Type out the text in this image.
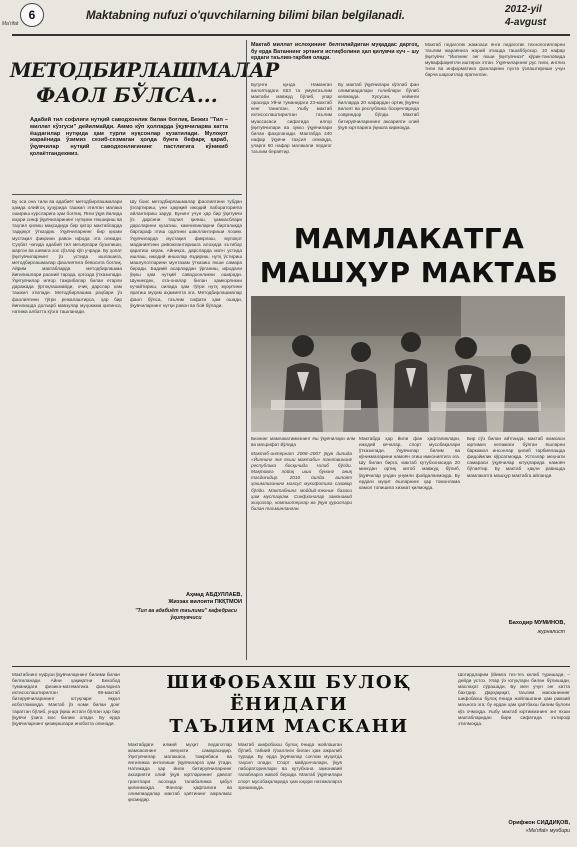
Ma'rifat
6	Maktabning nufuzi o'quvchilarning bilimi bilan belgilanadi.
2012-yil
4-avgust
МЕТОДБИРЛАШМАЛАР
ФАОЛ БЎЛСА...
Адабий тил софлиги нутқий саводхонлик билан боғлиқ. Бежиз "Тил – миллат кўзгуси" дейилмайди. Аммо кўп ҳолларда ўқувчиларва катта ёшдагилар нутқида ҳам турли нуқсонлар кузатилади. Мулоқот жараёнида ўзимиз сезиб-сезмаган ҳолда бунга бефарқ қараб, ўқувчилар нутқий саводхонлигининг пастлигига кўникиб қолаётгандекмиз.
Бу эса она тили ва адабиёт методбирлашмалари ҳамда олийгоҳ ҳузурида ташкил этилган малака ошириш курсларига ҳам боғлиқ. Янги ўқув йилида юқори синф ўқувчиларининг нутқини текшириш ва таҳлил қилиш мақсадида бир қатор мактабларда тадқиқот ўтказдик. Ўқувчиларнинг бир қисми мустақил фикрини равон ифода эта олмади. Суҳбат чоғида адабий тил меъёрлари бузилиши, жаргон ва шевага хос сўзлар кўп учради. Бу ҳолат ўқитувчиларнинг ўз устида ишлашига, методбирлашмалар фаолиятига бевосита боғлиқ. Айрим мактабларда методбирлашма йиғилишлари расмий тарзда, қоғозда ўтказилади. Ўқитувчилар илғор тажрибалар билан етарли даражада ўртоқлашмайди, очиқ дарслар кам ташкил этилади. Методбирлашма раҳбари ўз фаолиятини тўғри режалаштирса, ҳар бир йиғилишда долзарб мавзулар муҳокама қилинса, натижа албатта кўзга ташланади.
Шу боис методбирлашмалар фаолиятини тубдан ўзгартириш, уни ҳақиқий ижодий лабораторияга айлантириш зарур. Бунинг учун ҳар бир ўқитувчи ўз дарсини таҳлил қилиш, ҳамкасблари дарсларини кузатиш, камчиликларни биргаликда бартараф этиш одатини шакллантириши лозим. Ўқувчиларда мустақил фикрлаш, мулоқот маданиятини ривожлантиришга алоҳида эътибор қаратиш керак. Айниқса, дарсларда матн устида ишлаш, ижодий иншолар ёздириш, нутқ ўстириш машғулотларини мунтазам ўтказиш яхши самара беради. Бадиий асарлардан ўрганиш, ифодали ўқиш ҳам нутқий саводхонликни оширади. Шунингдек, ота-оналар билан ҳамкорликни кучайтириш, оилада ҳам тўғри нутқ муҳитини яратиш муҳим аҳамиятга эга. Методбирлашмалар фаол бўлса, таълим сифати ҳам ошади, ўқувчиларнинг нутқи равон ва бой бўлади.
Аҳмад АБДУЛЛАЕВ,
Жиззах вилояти ПКҚТМОИ
"Тил ва адабиёт таълими" кафедраси ўқитувчиси
Мактаб миллат ислоҳининг белгилайдиган муқаддас даргоҳ, бу ерда Ватаннинг эртанги истиқболини ҳал қилувчи куч – шу ердаги таълим-тарбия олади.
Бугунги кунда Наманган вилоятидаги 653 та умумтаълим мактаби мавжуд бўлиб, улар орасида Уйчи туманидаги 23-мактаб кенг танилган. Ушбу мактаб ихтисослаштирилган таълим муассасаси сифатида илғор ўқитувчилари ва зукко ўқувчилари билан фахрланади. Мактабда 440 нафар ўқувчи таҳсил олмоқда, уларга 60 нафар малакали педагог таълим бераётир.
Бу мактаб ўқувчилари кўплаб фан олимпиадалари ғолиблари бўлиб келмоқда. Хусусан, кейинги йилларда 20 нафардан ортиқ ўқувчи вилоят ва республика босқичларида совриндор бўлди. Мактаб битирувчиларининг аксарияти олий ўқув юртларига ўқишга кирмоқда.
Мактаб педагогик жамоаси янги педагогик технологияларни таълим жараёнига жорий этишда ташаббускор. 10 нафар ўқитувчи "Йилнинг энг яхши ўқитувчиси" кўрик-танловида муваффақиятли иштирок этган. Ўқувчиларнинг рус тили, инглиз тили ва информатика фанларини пухта ўзлаштириши учун барча шароитлар яратилган.
МАМЛАКАТГА
МАШҲУР МАКТАБ
Бизнинг мамлакатимизнинг ёш ўқувчилари илм ва маърифат йўлида
Мактаб-интернат 2006–2007 ўқув йилида «Йилнинг энг яхши мактаби» танловининг республика босқичида ғолиб бўлди. Мақтовга лойиқ иши бунинг аниқ тасдиғидир. 2010 йилда вилоят ҳокимлигининг махсус мукофотига сазовор бўлди. Мактабнинг моддий-техник базаси ҳам мустаҳкам. Синфхоналар замонавий жиҳозлар, компьютерлар ва ўқув қуроллари билан таъминланган.
Мактабда ҳар йили фан ҳафталиклари, ижодий кечалар, спорт мусобақалари ўтказилади. Ўқувчилар билим ва кўникмаларини намоён этиш имкониятига эга. Шу билан бирга, мактаб кутубхонасида 20 мингдан ортиқ китоб мавжуд бўлиб, ўқувчилар ундан унумли фойдаланмоқда. Бу ердаги муҳит ёшларнинг ҳар томонлама камол топишига хизмат қилмоқда.
Бир сўз билан айтганда, мактаб жамоаси юртимиз келажаги бўлган ёшларни баркамол инсонлар қилиб тарбиялашда фидойилик кўрсатмоқда. Устозлар меҳнати самараси ўқувчилар ютуқларида намоён бўлаётир. Бу мактаб ҳақли равишда мамлакатга машҳур мактабга айланди.
Баходир МУМИНОВ,
журналист
Мактабнинг нуфузи ўқувчиларнинг билими билан белгиланади. Айни ҳақиқатни Бекобод туманидаги физика-математика фанларига ихтисослаштирилган 98-мактаб битирувчиларининг ютуқлари яққол исботламоқда. Мактаб ўз номи билан донг таратган бўлиб, унда ўқиш истаги бўлган ҳар бир ўқувчи ўзига мос билим олади. Бу ерда ўқувчиларнинг қизиқишлари инобатга олинади.
ШИФОБАХШ БУЛОҚ
ЁНИДАГИ
ТАЪЛИМ МАСКАНИ
Мактабдаги илмий муҳит педагоглар жамоасининг меҳнати самарасидир. Ўқитувчилар малакаси, тажрибаси ва янгиликка интилиши ўқувчиларга ҳам ўтади. Натижада ҳар йили битирувчиларнинг аксарияти олий ўқув юртларининг давлат грантлари асосида талабаликка қабул қилинмоқда. Фанлар ҳафталиги ва олимпиадалар мактаб ҳаётининг ажралмас қисмидир.
Мактаб шифобахш булоқ ёнида жойлашган бўлиб, табиий гўзаллиги билан ҳам ажралиб туради. Бу ерда ўқувчилар соғлом муҳитда таҳсил олади. Спорт майдончалари, ўқув лабораториялари ва кутубхона замонавий талабларга жавоб беради. Мактаб ўқувчилари спорт мусобақаларида ҳам юқори натижаларга эришмоқда.
Шогирдларим ўйимга тез-тез келиб туришади, – дейди устоз. Улар ўз ютуқлари билан бўлишади, маслаҳат сўрашади. Бу мен учун энг катта бахтдир. Дарҳақиқат, таълим масканининг шифобахш булоқ ёнида жойлашгани ҳам рамзий маънога эга: бу ердан ҳам ҳаётбахш билим булоғи кўз очмоқда. Ушбу мактаб юртимизнинг энг яхши мактабларидан бири сифатида эътироф этилмоқда.
Орифжон СИДДИҚОВ,
«Ma'rifat» мухбири
